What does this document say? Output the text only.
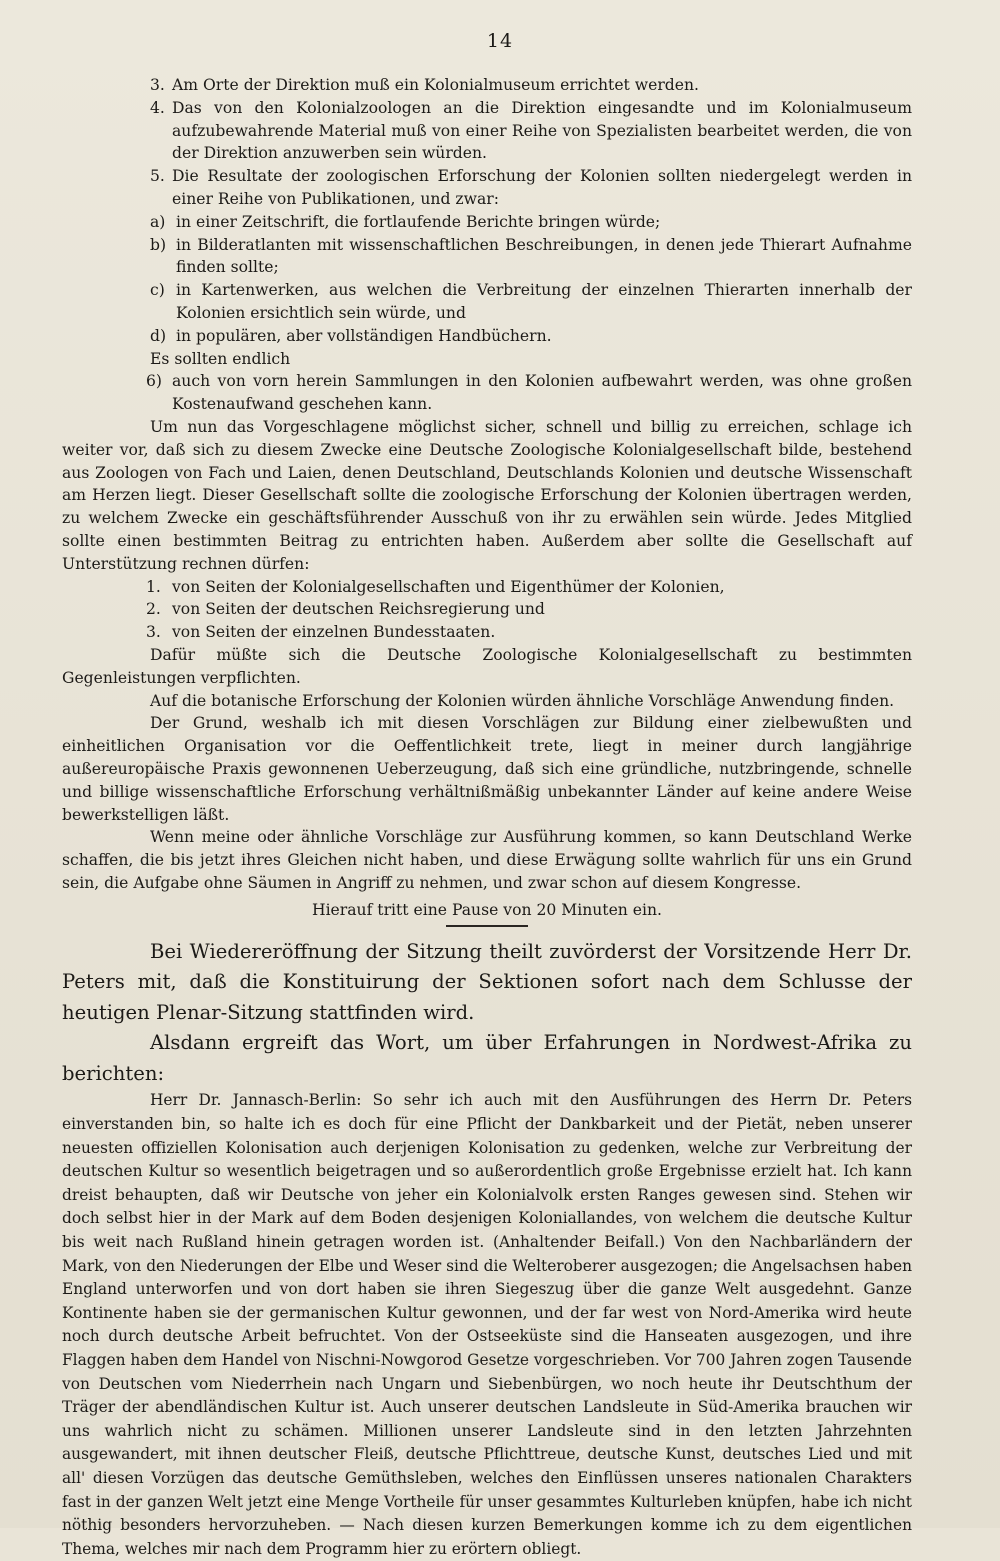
14
3. Am Orte der Direktion muß ein Kolonialmuseum errichtet werden.
4. Das von den Kolonialzoologen an die Direktion eingesandte und im Kolonialmuseum aufzubewahrende Material muß von einer Reihe von Spezialisten bearbeitet werden, die von der Direktion anzuwerben sein würden.
5. Die Resultate der zoologischen Erforschung der Kolonien sollten niedergelegt werden in einer Reihe von Publikationen, und zwar:
a) in einer Zeitschrift, die fortlaufende Berichte bringen würde;
b) in Bilderatlanten mit wissenschaftlichen Beschreibungen, in denen jede Thierart Aufnahme finden sollte;
c) in Kartenwerken, aus welchen die Verbreitung der einzelnen Thierarten innerhalb der Kolonien ersichtlich sein würde, und
d) in populären, aber vollständigen Handbüchern.

Es sollten endlich

6) auch von vorn herein Sammlungen in den Kolonien aufbewahrt werden, was ohne großen Kostenaufwand geschehen kann.

Um nun das Vorgeschlagene möglichst sicher, schnell und billig zu erreichen, schlage ich weiter vor, daß sich zu diesem Zwecke eine Deutsche Zoologische Kolonialgesellschaft bilde, bestehend aus Zoologen von Fach und Laien, denen Deutschland, Deutschlands Kolonien und deutsche Wissenschaft am Herzen liegt. Dieser Gesellschaft sollte die zoologische Erforschung der Kolonien übertragen werden, zu welchem Zwecke ein geschäftsführender Ausschuß von ihr zu erwählen sein würde. Jedes Mitglied sollte einen bestimmten Beitrag zu entrichten haben. Außerdem aber sollte die Gesellschaft auf Unterstützung rechnen dürfen:

1. von Seiten der Kolonialgesellschaften und Eigenthümer der Kolonien,
2. von Seiten der deutschen Reichsregierung und
3. von Seiten der einzelnen Bundesstaaten.

Dafür müßte sich die Deutsche Zoologische Kolonialgesellschaft zu bestimmten Gegenleistungen verpflichten.

Auf die botanische Erforschung der Kolonien würden ähnliche Vorschläge Anwendung finden.

Der Grund, weshalb ich mit diesen Vorschlägen zur Bildung einer zielbewußten und einheitlichen Organisation vor die Oeffentlichkeit trete, liegt in meiner durch langjährige außereuropäische Praxis gewonnenen Ueberzeugung, daß sich eine gründliche, nutzbringende, schnelle und billige wissenschaftliche Erforschung verhältnißmäßig unbekannter Länder auf keine andere Weise bewerkstelligen läßt.

Wenn meine oder ähnliche Vorschläge zur Ausführung kommen, so kann Deutschland Werke schaffen, die bis jetzt ihres Gleichen nicht haben, und diese Erwägung sollte wahrlich für uns ein Grund sein, die Aufgabe ohne Säumen in Angriff zu nehmen, und zwar schon auf diesem Kongresse.

Hierauf tritt eine Pause von 20 Minuten ein.

Bei Wiedereröffnung der Sitzung theilt zuvörderst der Vorsitzende Herr Dr. Peters mit, daß die Konstituirung der Sektionen sofort nach dem Schlusse der heutigen Plenar-Sitzung stattfinden wird.

Alsdann ergreift das Wort, um über Erfahrungen in Nordwest-Afrika zu berichten:

Herr Dr. Jannasch-Berlin: So sehr ich auch mit den Ausführungen des Herrn Dr. Peters einverstanden bin, so halte ich es doch für eine Pflicht der Dankbarkeit und der Pietät, neben unserer neuesten offiziellen Kolonisation auch derjenigen Kolonisation zu gedenken, welche zur Verbreitung der deutschen Kultur so wesentlich beigetragen und so außerordentlich große Ergebnisse erzielt hat. Ich kann dreist behaupten, daß wir Deutsche von jeher ein Kolonialvolk ersten Ranges gewesen sind. Stehen wir doch selbst hier in der Mark auf dem Boden desjenigen Koloniallandes, von welchem die deutsche Kultur bis weit nach Rußland hinein getragen worden ist. (Anhaltender Beifall.) Von den Nachbarländern der Mark, von den Niederungen der Elbe und Weser sind die Welteroberer ausgezogen; die Angelsachsen haben England unterworfen und von dort haben sie ihren Siegeszug über die ganze Welt ausgedehnt. Ganze Kontinente haben sie der germanischen Kultur gewonnen, und der far west von Nord-Amerika wird heute noch durch deutsche Arbeit befruchtet. Von der Ostseeküste sind die Hanseaten ausgezogen, und ihre Flaggen haben dem Handel von Nischni-Nowgorod Gesetze vorgeschrieben. Vor 700 Jahren zogen Tausende von Deutschen vom Niederrhein nach Ungarn und Siebenbürgen, wo noch heute ihr Deutschthum der Träger der abendländischen Kultur ist. Auch unserer deutschen Landsleute in Süd-Amerika brauchen wir uns wahrlich nicht zu schämen. Millionen unserer Landsleute sind in den letzten Jahrzehnten ausgewandert, mit ihnen deutscher Fleiß, deutsche Pflichttreue, deutsche Kunst, deutsches Lied und mit all' diesen Vorzügen das deutsche Gemüthsleben, welches den Einflüssen unseres nationalen Charakters fast in der ganzen Welt jetzt eine Menge Vortheile für unser gesammtes Kulturleben knüpfen, habe ich nicht nöthig besonders hervorzuheben. — Nach diesen kurzen Bemerkungen komme ich zu dem eigentlichen Thema, welches mir nach dem Programm hier zu erörtern obliegt.
